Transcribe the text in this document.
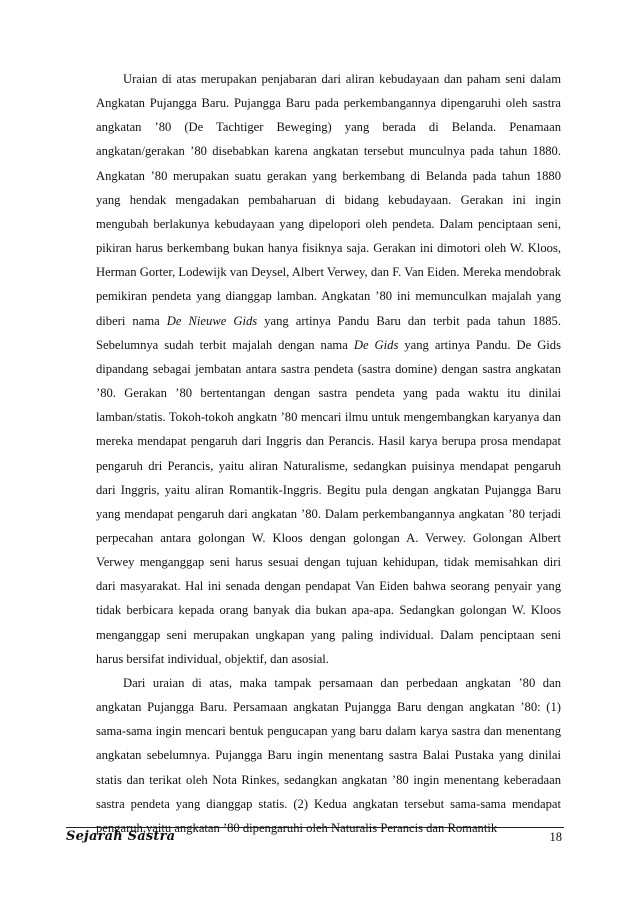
Uraian di atas merupakan penjabaran dari aliran kebudayaan dan paham seni dalam Angkatan Pujangga Baru. Pujangga Baru pada perkembangannya dipengaruhi oleh sastra angkatan ’80 (De Tachtiger Beweging) yang berada di Belanda. Penamaan angkatan/gerakan ’80 disebabkan karena angkatan tersebut munculnya pada tahun 1880. Angkatan ’80 merupakan suatu gerakan yang berkembang di Belanda pada tahun 1880 yang hendak mengadakan pembaharuan di bidang kebudayaan. Gerakan ini ingin mengubah berlakunya kebudayaan yang dipelopori oleh pendeta. Dalam penciptaan seni, pikiran harus berkembang bukan hanya fisiknya saja. Gerakan ini dimotori oleh W. Kloos, Herman Gorter, Lodewijk van Deysel, Albert Verwey, dan F. Van Eiden. Mereka mendobrak pemikiran pendeta yang dianggap lamban. Angkatan ’80 ini memunculkan majalah yang diberi nama De Nieuwe Gids yang artinya Pandu Baru dan terbit pada tahun 1885. Sebelumnya sudah terbit majalah dengan nama De Gids yang artinya Pandu. De Gids dipandang sebagai jembatan antara sastra pendeta (sastra domine) dengan sastra angkatan ’80. Gerakan ’80 bertentangan dengan sastra pendeta yang pada waktu itu dinilai lamban/statis. Tokoh-tokoh angkatn ’80 mencari ilmu untuk mengembangkan karyanya dan mereka mendapat pengaruh dari Inggris dan Perancis. Hasil karya berupa prosa mendapat pengaruh dri Perancis, yaitu aliran Naturalisme, sedangkan puisinya mendapat pengaruh dari Inggris, yaitu aliran Romantik-Inggris. Begitu pula dengan angkatan Pujangga Baru yang mendapat pengaruh dari angkatan ’80. Dalam perkembangannya angkatan ’80 terjadi perpecahan antara golongan W. Kloos dengan golongan A. Verwey. Golongan Albert Verwey menganggap seni harus sesuai dengan tujuan kehidupan, tidak memisahkan diri dari masyarakat. Hal ini senada dengan pendapat Van Eiden bahwa seorang penyair yang tidak berbicara kepada orang banyak dia bukan apa-apa. Sedangkan golongan W. Kloos menganggap seni merupakan ungkapan yang paling individual. Dalam penciptaan seni harus bersifat individual, objektif, dan asosial.

Dari uraian di atas, maka tampak persamaan dan perbedaan angkatan ’80 dan angkatan Pujangga Baru. Persamaan angkatan Pujangga Baru dengan angkatan ’80: (1) sama-sama ingin mencari bentuk pengucapan yang baru dalam karya sastra dan menentang angkatan sebelumnya. Pujangga Baru ingin menentang sastra Balai Pustaka yang dinilai statis dan terikat oleh Nota Rinkes, sedangkan angkatan ’80 ingin menentang keberadaan sastra pendeta yang dianggap statis. (2) Kedua angkatan tersebut sama-sama mendapat pengaruh,yaitu angkatan ’80 dipengaruhi oleh Naturalis Perancis dan Romantik

Sejarah Sastra	18
